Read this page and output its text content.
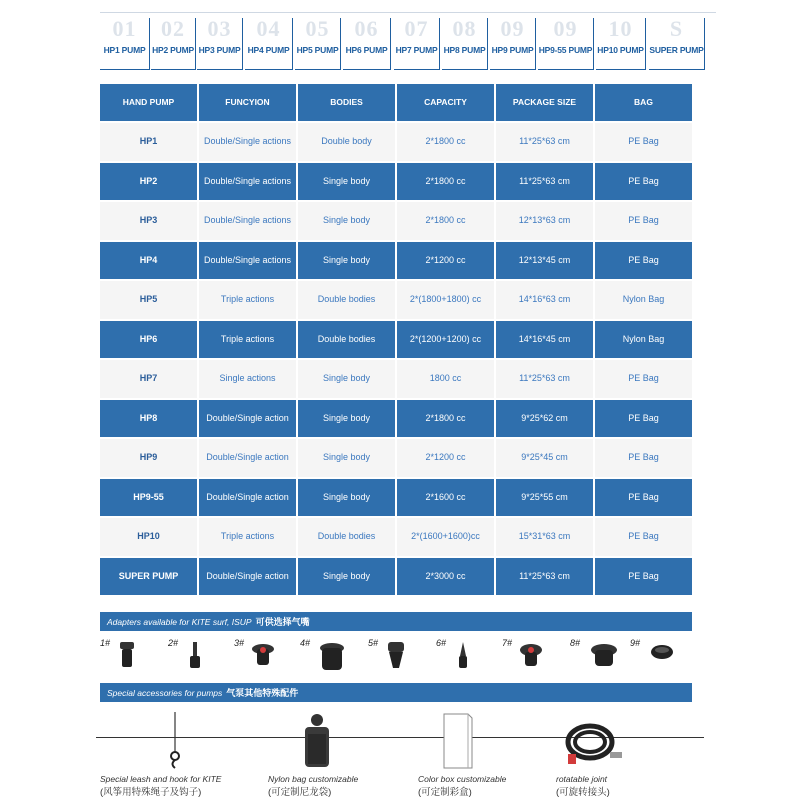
01
HP1 PUMP
02
HP2 PUMP
03
HP3 PUMP
04
HP4 PUMP
05
HP5 PUMP
06
HP6 PUMP
07
HP7 PUMP
08
HP8 PUMP
09
HP9 PUMP
09
HP9-55 PUMP
10
HP10 PUMP
S
SUPER PUMP
HAND PUMP	FUNCYION	BODIES	CAPACITY	PACKAGE SIZE	BAG
HP1	Double/Single actions	Double body	2*1800 cc	11*25*63 cm	PE Bag
HP2	Double/Single actions	Single body	2*1800 cc	11*25*63 cm	PE Bag
HP3	Double/Single actions	Single body	2*1800 cc	12*13*63 cm	PE Bag
HP4	Double/Single actions	Single body	2*1200 cc	12*13*45 cm	PE Bag
HP5	Triple actions	Double bodies	2*(1800+1800) cc	14*16*63 cm	Nylon Bag
HP6	Triple actions	Double bodies	2*(1200+1200) cc	14*16*45 cm	Nylon Bag
HP7	Single actions	Single body	1800 cc	11*25*63 cm	PE Bag
HP8	Double/Single action	Single body	2*1800 cc	9*25*62 cm	PE Bag
HP9	Double/Single action	Single body	2*1200 cc	9*25*45 cm	PE Bag
HP9-55	Double/Single action	Single body	2*1600 cc	9*25*55 cm	PE Bag
HP10	Triple actions	Double bodies	2*(1600+1600)cc	15*31*63 cm	PE Bag
SUPER PUMP	Double/Single action	Single body	2*3000 cc	11*25*63 cm	PE Bag
Adapters available for KITE surf, ISUP 可供选择气嘴
1#	2#	3#	4#	5#	6#	7#	8#	9#
Special accessories for pumps 气泵其他特殊配件
Special leash and hook for KITE
(风筝用特殊绳子及钩子)
Nylon bag customizable
(可定制尼龙袋)
Color box customizable
(可定制彩盒)
rotatable joint
(可旋转接头)
